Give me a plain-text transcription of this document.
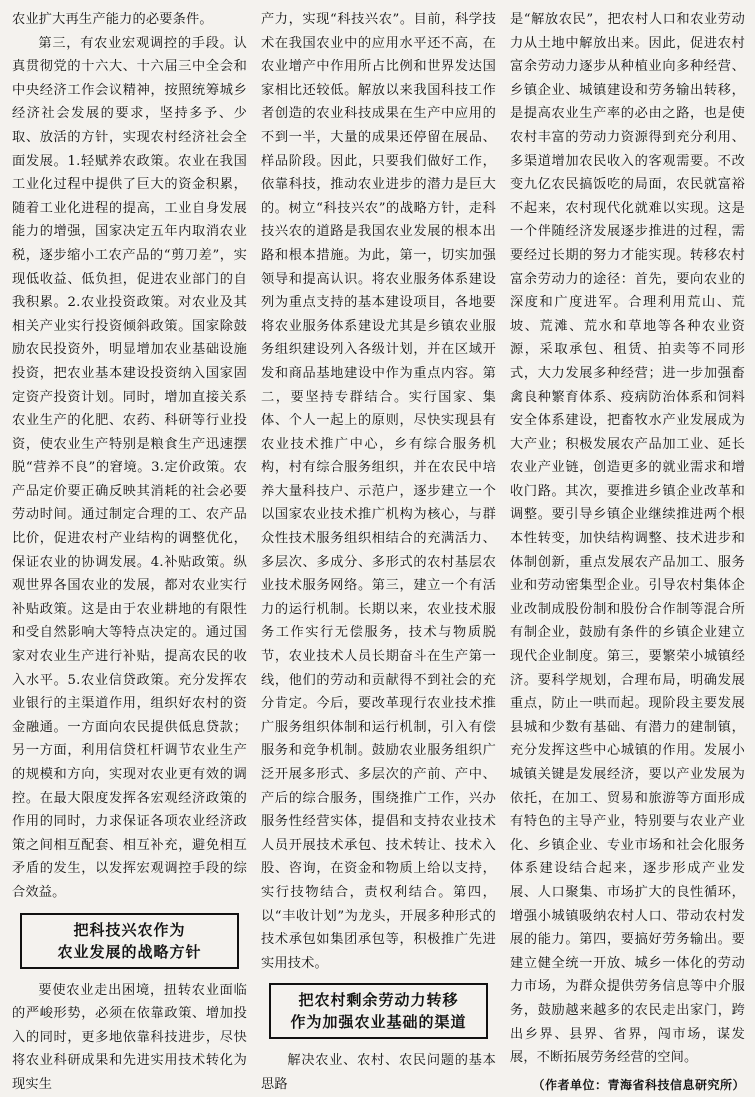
农业扩大再生产能力的必要条件。

第三，有农业宏观调控的手段。认真贯彻党的十六大、十六届三中全会和中央经济工作会议精神，按照统筹城乡经济社会发展的要求，坚持多予、少取、放活的方针，实现农村经济社会全面发展。1.轻赋养农政策。农业在我国工业化过程中提供了巨大的资金积累，随着工业化进程的提高，工业自身发展能力的增强，国家决定五年内取消农业税，逐步缩小工农产品的“剪刀差”，实现低收益、低负担，促进农业部门的自我积累。2.农业投资政策。对农业及其相关产业实行投资倾斜政策。国家除鼓励农民投资外，明显增加农业基础设施投资，把农业基本建设投资纳入国家固定资产投资计划。同时，增加直接关系农业生产的化肥、农药、科研等行业投资，使农业生产特别是粮食生产迅速摆脱“营养不良”的窘境。3.定价政策。农产品定价要正确反映其消耗的社会必要劳动时间。通过制定合理的工、农产品比价，促进农村产业结构的调整优化，保证农业的协调发展。4.补贴政策。纵观世界各国农业的发展，都对农业实行补贴政策。这是由于农业耕地的有限性和受自然影响大等特点决定的。通过国家对农业生产进行补贴，提高农民的收入水平。5.农业信贷政策。充分发挥农业银行的主渠道作用，组织好农村的资金融通。一方面向农民提供低息贷款；另一方面，利用信贷杠杆调节农业生产的规模和方向，实现对农业更有效的调控。在最大限度发挥各宏观经济政策的作用的同时，力求保证各项农业经济政策之间相互配套、相互补充，避免相互矛盾的发生，以发挥宏观调控手段的综合效益。

把科技兴农作为
农业发展的战略方针

要使农业走出困境，扭转农业面临的严峻形势，必须在依靠政策、增加投入的同时，更多地依靠科技进步，尽快将农业科研成果和先进实用技术转化为现实生

产力，实现“科技兴农”。目前，科学技术在我国农业中的应用水平还不高，在农业增产中作用所占比例和世界发达国家相比还较低。解放以来我国科技工作者创造的农业科技成果在生产中应用的不到一半，大量的成果还停留在展品、样品阶段。因此，只要我们做好工作，依靠科技，推动农业进步的潜力是巨大的。树立“科技兴农”的战略方针，走科技兴农的道路是我国农业发展的根本出路和根本措施。为此，第一，切实加强领导和提高认识。将农业服务体系建设列为重点支持的基本建设项目，各地要将农业服务体系建设尤其是乡镇农业服务组织建设列入各级计划，并在区域开发和商品基地建设中作为重点内容。第二，要坚持专群结合。实行国家、集体、个人一起上的原则，尽快实现县有农业技术推广中心，乡有综合服务机构，村有综合服务组织，并在农民中培养大量科技户、示范户，逐步建立一个以国家农业技术推广机构为核心，与群众性技术服务组织相结合的充满活力、多层次、多成分、多形式的农村基层农业技术服务网络。第三，建立一个有活力的运行机制。长期以来，农业技术服务工作实行无偿服务，技术与物质脱节，农业技术人员长期奋斗在生产第一线，他们的劳动和贡献得不到社会的充分肯定。今后，要改革现行农业技术推广服务组织体制和运行机制，引入有偿服务和竞争机制。鼓励农业服务组织广泛开展多形式、多层次的产前、产中、产后的综合服务，围绕推广工作，兴办服务性经营实体，提倡和支持农业技术人员开展技术承包、技术转让、技术入股、咨询，在资金和物质上给以支持，实行技物结合，责权利结合。第四，以“丰收计划”为龙头，开展多种形式的技术承包如集团承包等，积极推广先进实用技术。

把农村剩余劳动力转移
作为加强农业基础的渠道

解决农业、农村、农民问题的基本思路

是“解放农民”，把农村人口和农业劳动力从土地中解放出来。因此，促进农村富余劳动力逐步从种植业向多种经营、乡镇企业、城镇建设和劳务输出转移，是提高农业生产率的必由之路，也是使农村丰富的劳动力资源得到充分利用、多渠道增加农民收入的客观需要。不改变九亿农民搞饭吃的局面，农民就富裕不起来，农村现代化就难以实现。这是一个伴随经济发展逐步推进的过程，需要经过长期的努力才能实现。转移农村富余劳动力的途径：首先，要向农业的深度和广度进军。合理利用荒山、荒坡、荒滩、荒水和草地等各种农业资源，采取承包、租赁、拍卖等不同形式，大力发展多种经营；进一步加强畜禽良种繁育体系、疫病防治体系和饲料安全体系建设，把畜牧水产业发展成为大产业；积极发展农产品加工业、延长农业产业链，创造更多的就业需求和增收门路。其次，要推进乡镇企业改革和调整。要引导乡镇企业继续推进两个根本性转变，加快结构调整、技术进步和体制创新，重点发展农产品加工、服务业和劳动密集型企业。引导农村集体企业改制成股份制和股份合作制等混合所有制企业，鼓励有条件的乡镇企业建立现代企业制度。第三，要繁荣小城镇经济。要科学规划，合理布局，明确发展重点，防止一哄而起。现阶段主要发展县城和少数有基础、有潜力的建制镇，充分发挥这些中心城镇的作用。发展小城镇关键是发展经济，要以产业发展为依托，在加工、贸易和旅游等方面形成有特色的主导产业，特别要与农业产业化、乡镇企业、专业市场和社会化服务体系建设结合起来，逐步形成产业发展、人口聚集、市场扩大的良性循环，增强小城镇吸纳农村人口、带动农村发展的能力。第四，要搞好劳务输出。要建立健全统一开放、城乡一体化的劳动力市场，为群众提供劳务信息等中介服务，鼓励越来越多的农民走出家门，跨出乡界、县界、省界，闯市场，谋发展，不断拓展劳务经营的空间。

（作者单位：青海省科技信息研究所）
